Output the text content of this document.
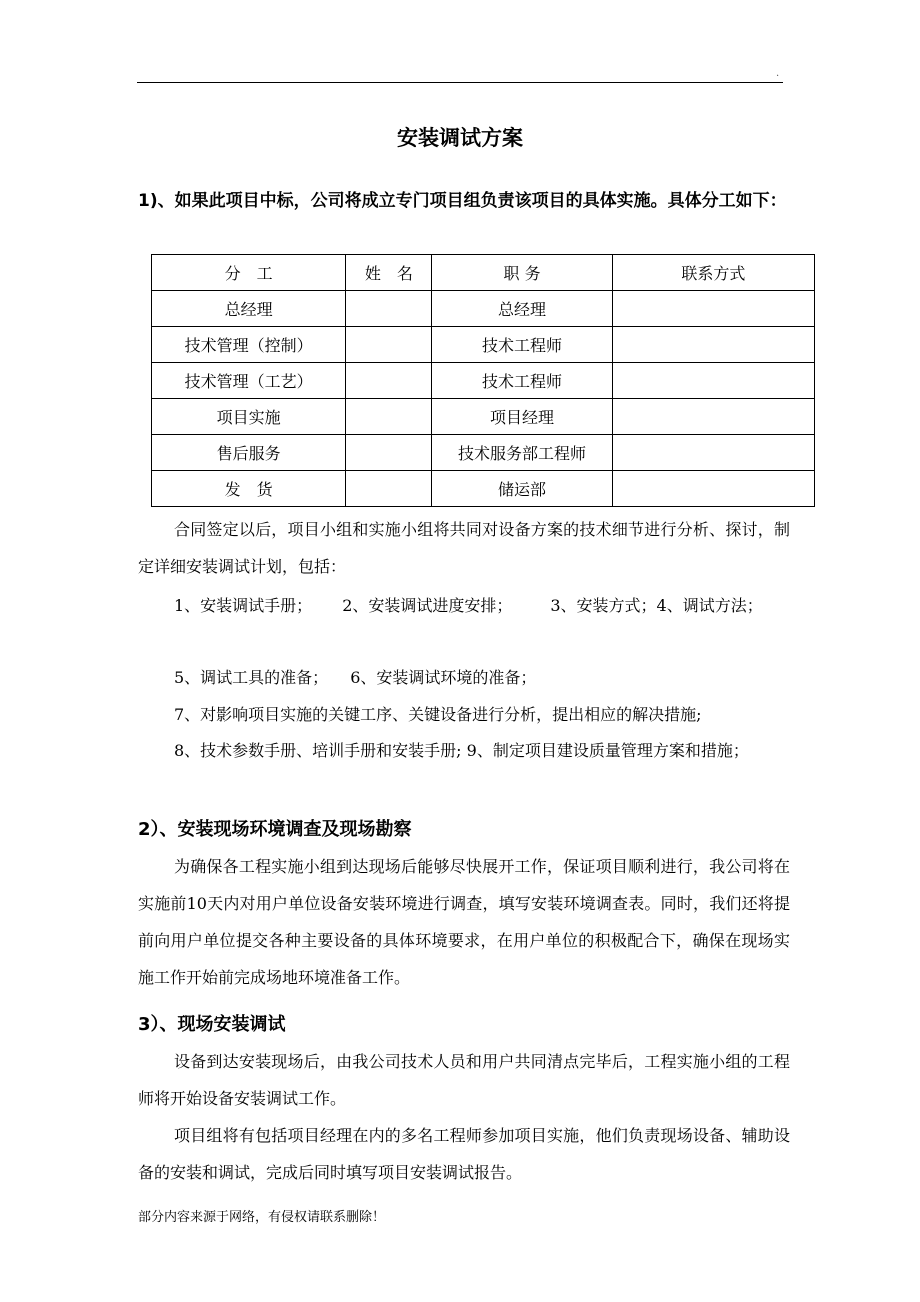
.
安装调试方案
1)、如果此项目中标，公司将成立专门项目组负责该项目的具体实施。具体分工如下：
分　工	姓　名	职 务	联系方式
总经理		总经理	
技术管理（控制）		技术工程师	
技术管理（工艺）		技术工程师	
项目实施		项目经理	
售后服务		技术服务部工程师	
发　货		储运部	
合同签定以后，项目小组和实施小组将共同对设备方案的技术细节进行分析、探讨，制定详细安装调试计划，包括：
1、安装调试手册； 2、安装调试进度安排； 3、安装方式；4、调试方法；
5、调试工具的准备； 6、安装调试环境的准备；
7、对影响项目实施的关键工序、关键设备进行分析，提出相应的解决措施;
8、技术参数手册、培训手册和安装手册; 9、制定项目建设质量管理方案和措施；
2）、安装现场环境调查及现场勘察
为确保各工程实施小组到达现场后能够尽快展开工作，保证项目顺利进行，我公司将在实施前10天内对用户单位设备安装环境进行调查，填写安装环境调查表。同时，我们还将提前向用户单位提交各种主要设备的具体环境要求，在用户单位的积极配合下，确保在现场实施工作开始前完成场地环境准备工作。
3）、现场安装调试
设备到达安装现场后，由我公司技术人员和用户共同清点完毕后，工程实施小组的工程师将开始设备安装调试工作。
项目组将有包括项目经理在内的多名工程师参加项目实施，他们负责现场设备、辅助设备的安装和调试，完成后同时填写项目安装调试报告。
部分内容来源于网络，有侵权请联系删除！
